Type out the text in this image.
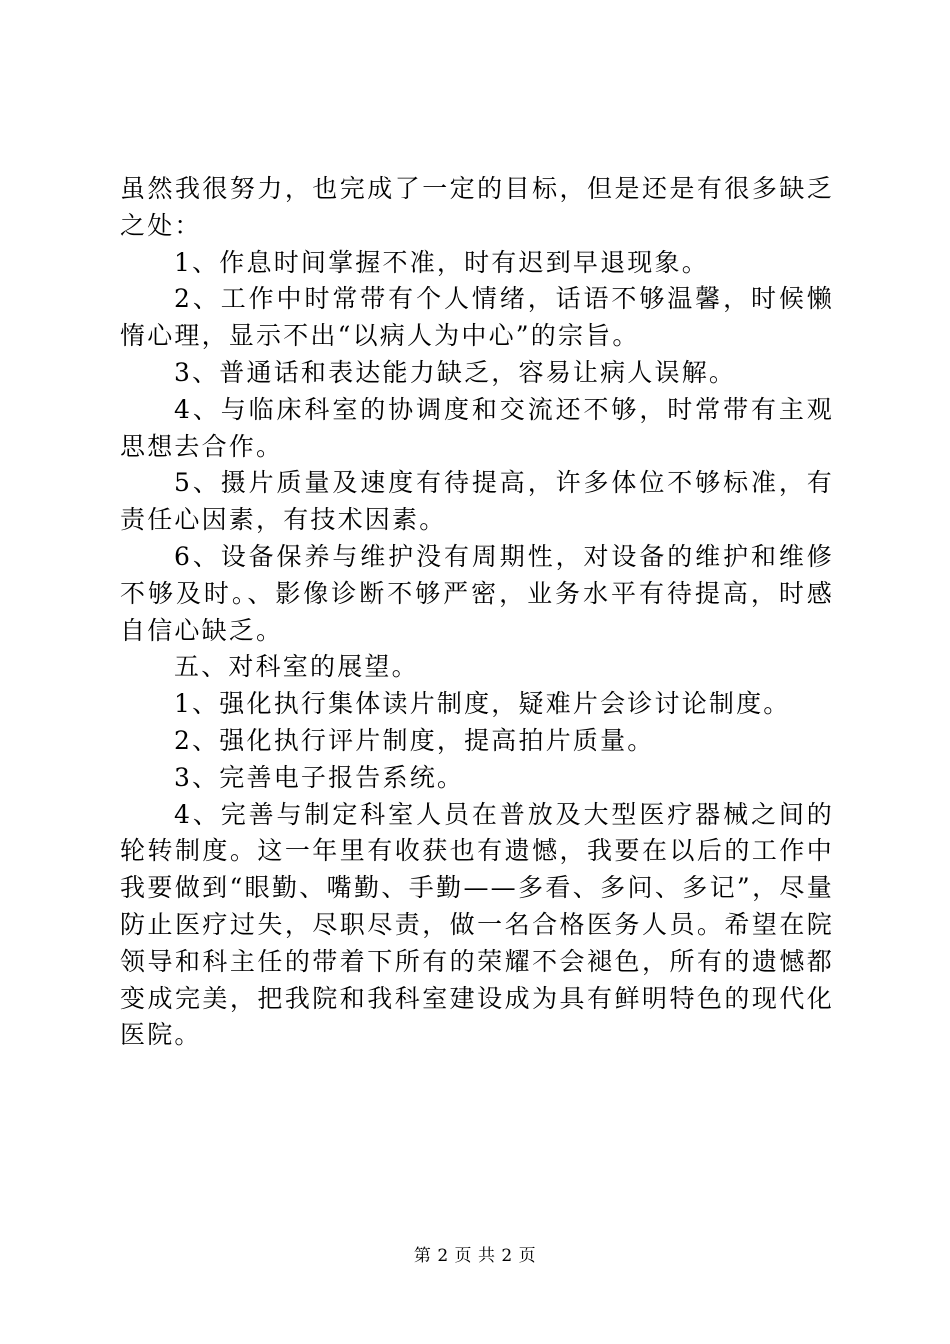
虽然我很努力，也完成了一定的目标，但是还是有很多缺乏之处：

1、作息时间掌握不准，时有迟到早退现象。

2、工作中时常带有个人情绪，话语不够温馨，时候懒惰心理，显示不出“以病人为中心”的宗旨。

3、普通话和表达能力缺乏，容易让病人误解。

4、与临床科室的协调度和交流还不够，时常带有主观思想去合作。

5、摄片质量及速度有待提高，许多体位不够标准，有责任心因素，有技术因素。

6、设备保养与维护没有周期性，对设备的维护和维修不够及时。、影像诊断不够严密，业务水平有待提高，时感自信心缺乏。

五、对科室的展望。

1、强化执行集体读片制度，疑难片会诊讨论制度。

2、强化执行评片制度，提高拍片质量。

3、完善电子报告系统。

4、完善与制定科室人员在普放及大型医疗器械之间的轮转制度。这一年里有收获也有遗憾，我要在以后的工作中我要做到“眼勤、嘴勤、手勤——多看、多问、多记”，尽量防止医疗过失，尽职尽责，做一名合格医务人员。希望在院领导和科主任的带着下所有的荣耀不会褪色，所有的遗憾都变成完美，把我院和我科室建设成为具有鲜明特色的现代化医院。

第 2 页 共 2 页
